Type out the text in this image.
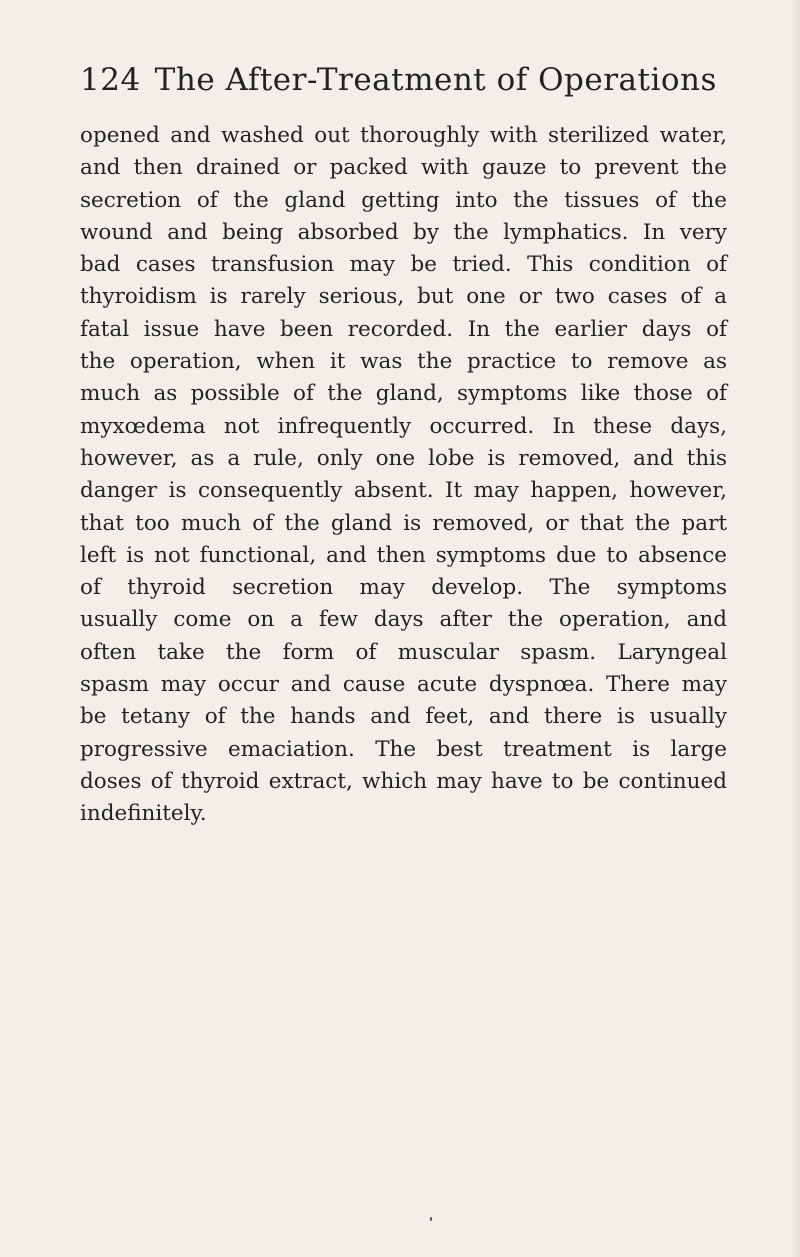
124 The After-Treatment of Operations
opened and washed out thoroughly with sterilized water,
and then drained or packed with gauze to prevent the
secretion of the gland getting into the tissues of the
wound and being absorbed by the lymphatics. In very
bad cases transfusion may be tried. This condition of
thyroidism is rarely serious, but one or two cases of a
fatal issue have been recorded. In the earlier days of
the operation, when it was the practice to remove as
much as possible of the gland, symptoms like those of
myxœdema not infrequently occurred. In these days,
however, as a rule, only one lobe is removed, and this
danger is consequently absent. It may happen, however,
that too much of the gland is removed, or that the part
left is not functional, and then symptoms due to absence
of thyroid secretion may develop. The symptoms
usually come on a few days after the operation, and
often take the form of muscular spasm. Laryngeal
spasm may occur and cause acute dyspnœa. There may
be tetany of the hands and feet, and there is usually
progressive emaciation. The best treatment is large
doses of thyroid extract, which may have to be continued
indefinitely.
